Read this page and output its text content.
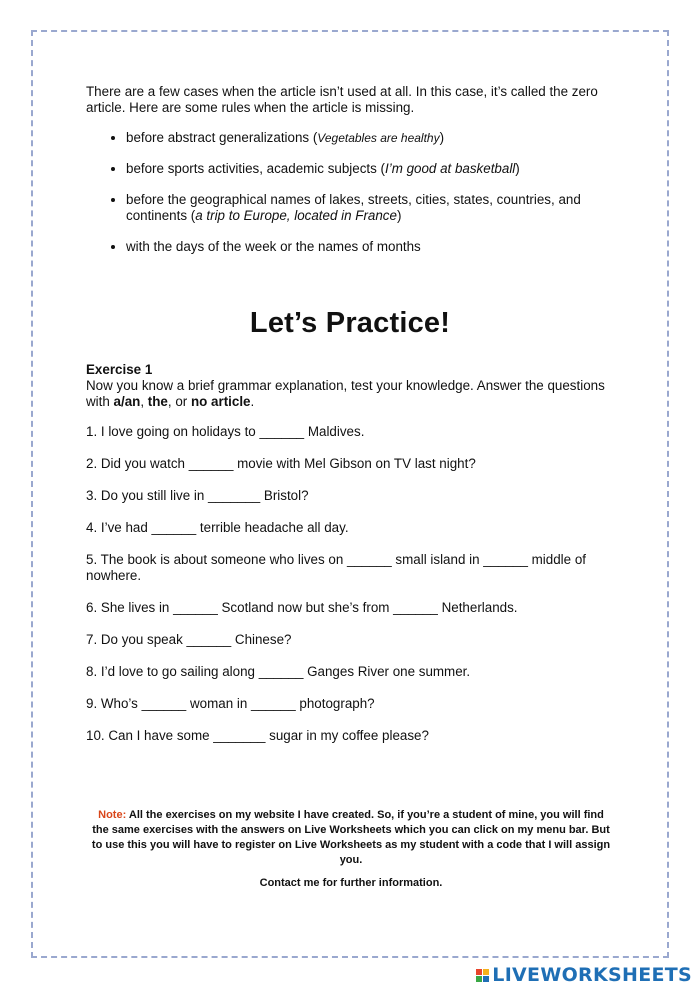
There are a few cases when the article isn’t used at all. In this case, it’s called the zero article. Here are some rules when the article is missing.

• before abstract generalizations (Vegetables are healthy)
• before sports activities, academic subjects (I’m good at basketball)
• before the geographical names of lakes, streets, cities, states, countries, and continents (a trip to Europe, located in France)
• with the days of the week or the names of months
Let’s Practice!

Exercise 1

Now you know a brief grammar explanation, test your knowledge. Answer the questions with a/an, the, or no article.

1. I love going on holidays to ______ Maldives.
2. Did you watch ______ movie with Mel Gibson on TV last night?
3. Do you still live in _______ Bristol?
4. I’ve had ______ terrible headache all day.
5. The book is about someone who lives on ______ small island in ______ middle of nowhere.
6. She lives in ______ Scotland now but she’s from ______ Netherlands.
7. Do you speak ______ Chinese?
8. I’d love to go sailing along ______ Ganges River one summer.
9. Who’s ______ woman in ______ photograph?
10. Can I have some _______ sugar in my coffee please?
Note: All the exercises on my website I have created. So, if you’re a student of mine, you will find the same exercises with the answers on Live Worksheets which you can click on my menu bar. But to use this you will have to register on Live Worksheets as my student with a code that I will assign you.
Contact me for further information.
LIVEWORKSHEETS
